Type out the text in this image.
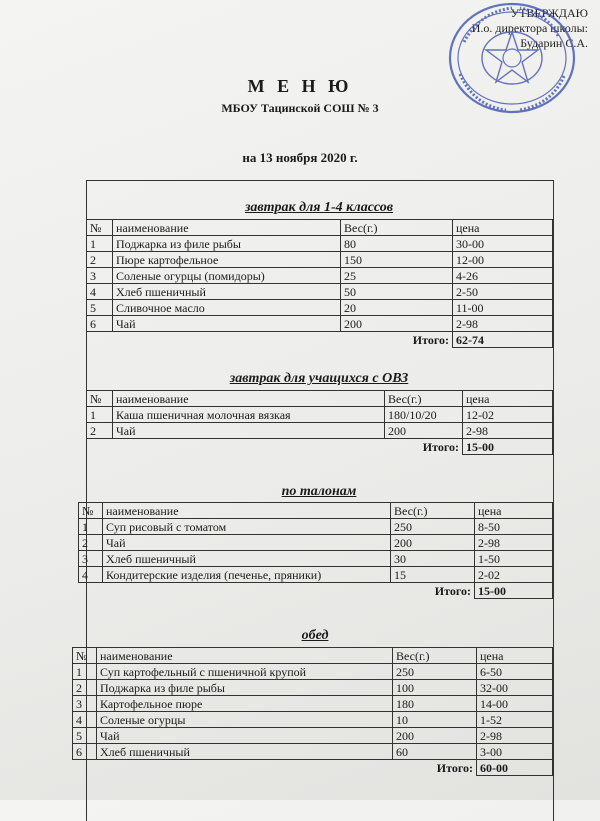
УТВЕРЖДАЮ
И.о. директора школы:
Бударин С.А.
М Е Н Ю
МБОУ Тацинской СОШ № 3
на 13 ноября 2020 г.
завтрак для 1-4 классов
№	наименование	Вес(г.)	цена
1	Поджарка из филе рыбы	80	30-00
2	Пюре картофельное	150	12-00
3	Соленые огурцы (помидоры)	25	4-26
4	Хлеб пшеничный	50	2-50
5	Сливочное масло	20	11-00
6	Чай	200	2-98
Итого:			62-74
завтрак для учащихся с ОВЗ
№	наименование	Вес(г.)	цена
1	Каша пшеничная молочная вязкая	180/10/20	12-02
2	Чай	200	2-98
Итого:			15-00
по талонам
№	наименование	Вес(г.)	цена
1	Суп рисовый с томатом	250	8-50
2	Чай	200	2-98
3	Хлеб пшеничный	30	1-50
4	Кондитерские изделия (печенье, пряники)	15	2-02
Итого:			15-00
обед
№	наименование	Вес(г.)	цена
1	Суп картофельный с пшеничной крупой	250	6-50
2	Поджарка из филе рыбы	100	32-00
3	Картофельное пюре	180	14-00
4	Соленые огурцы	10	1-52
5	Чай	200	2-98
6	Хлеб пшеничный	60	3-00
Итого:			60-00
